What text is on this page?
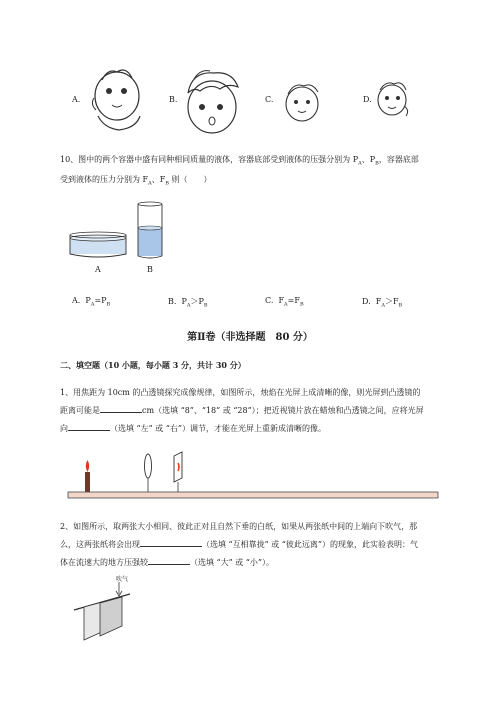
A.	B.	C.	D.
10、图中的两个容器中盛有同种相同质量的液体，容器底部受到液体的压强分别为 $P_A$、$P_B$，容器底部
受到液体的压力分别为 $F_A$、$F_B$ 则（　　）
A	B
A. $P_A=P_B$	B. $P_A>P_B$
C. $F_A=F_B$	D. $F_A>F_B$
第Ⅱ卷（非选择题　80 分）
二、填空题（10 小题，每小题 3 分，共计 30 分）
1、用焦距为 10cm 的凸透镜探究成像规律，如图所示，烛焰在光屏上成清晰的像，则光屏到凸透镜的
距离可能是	cm（选填 “8”、“18” 或 “28”）；把近视镜片放在蜡烛和凸透镜之间，应将光屏
向	（选填 “左” 或 “右”）调节，才能在光屏上重新成清晰的像。
2、如图所示，取两张大小相同、彼此正对且自然下垂的白纸，如果从两张纸中间的上端向下吹气，那
么，这两张纸将会出现	（选填 “互相靠拢” 或 “彼此远离”）的现象，此实验表明：气
体在流速大的地方压强较	（选填 “大” 或 “小”）。
吹气
